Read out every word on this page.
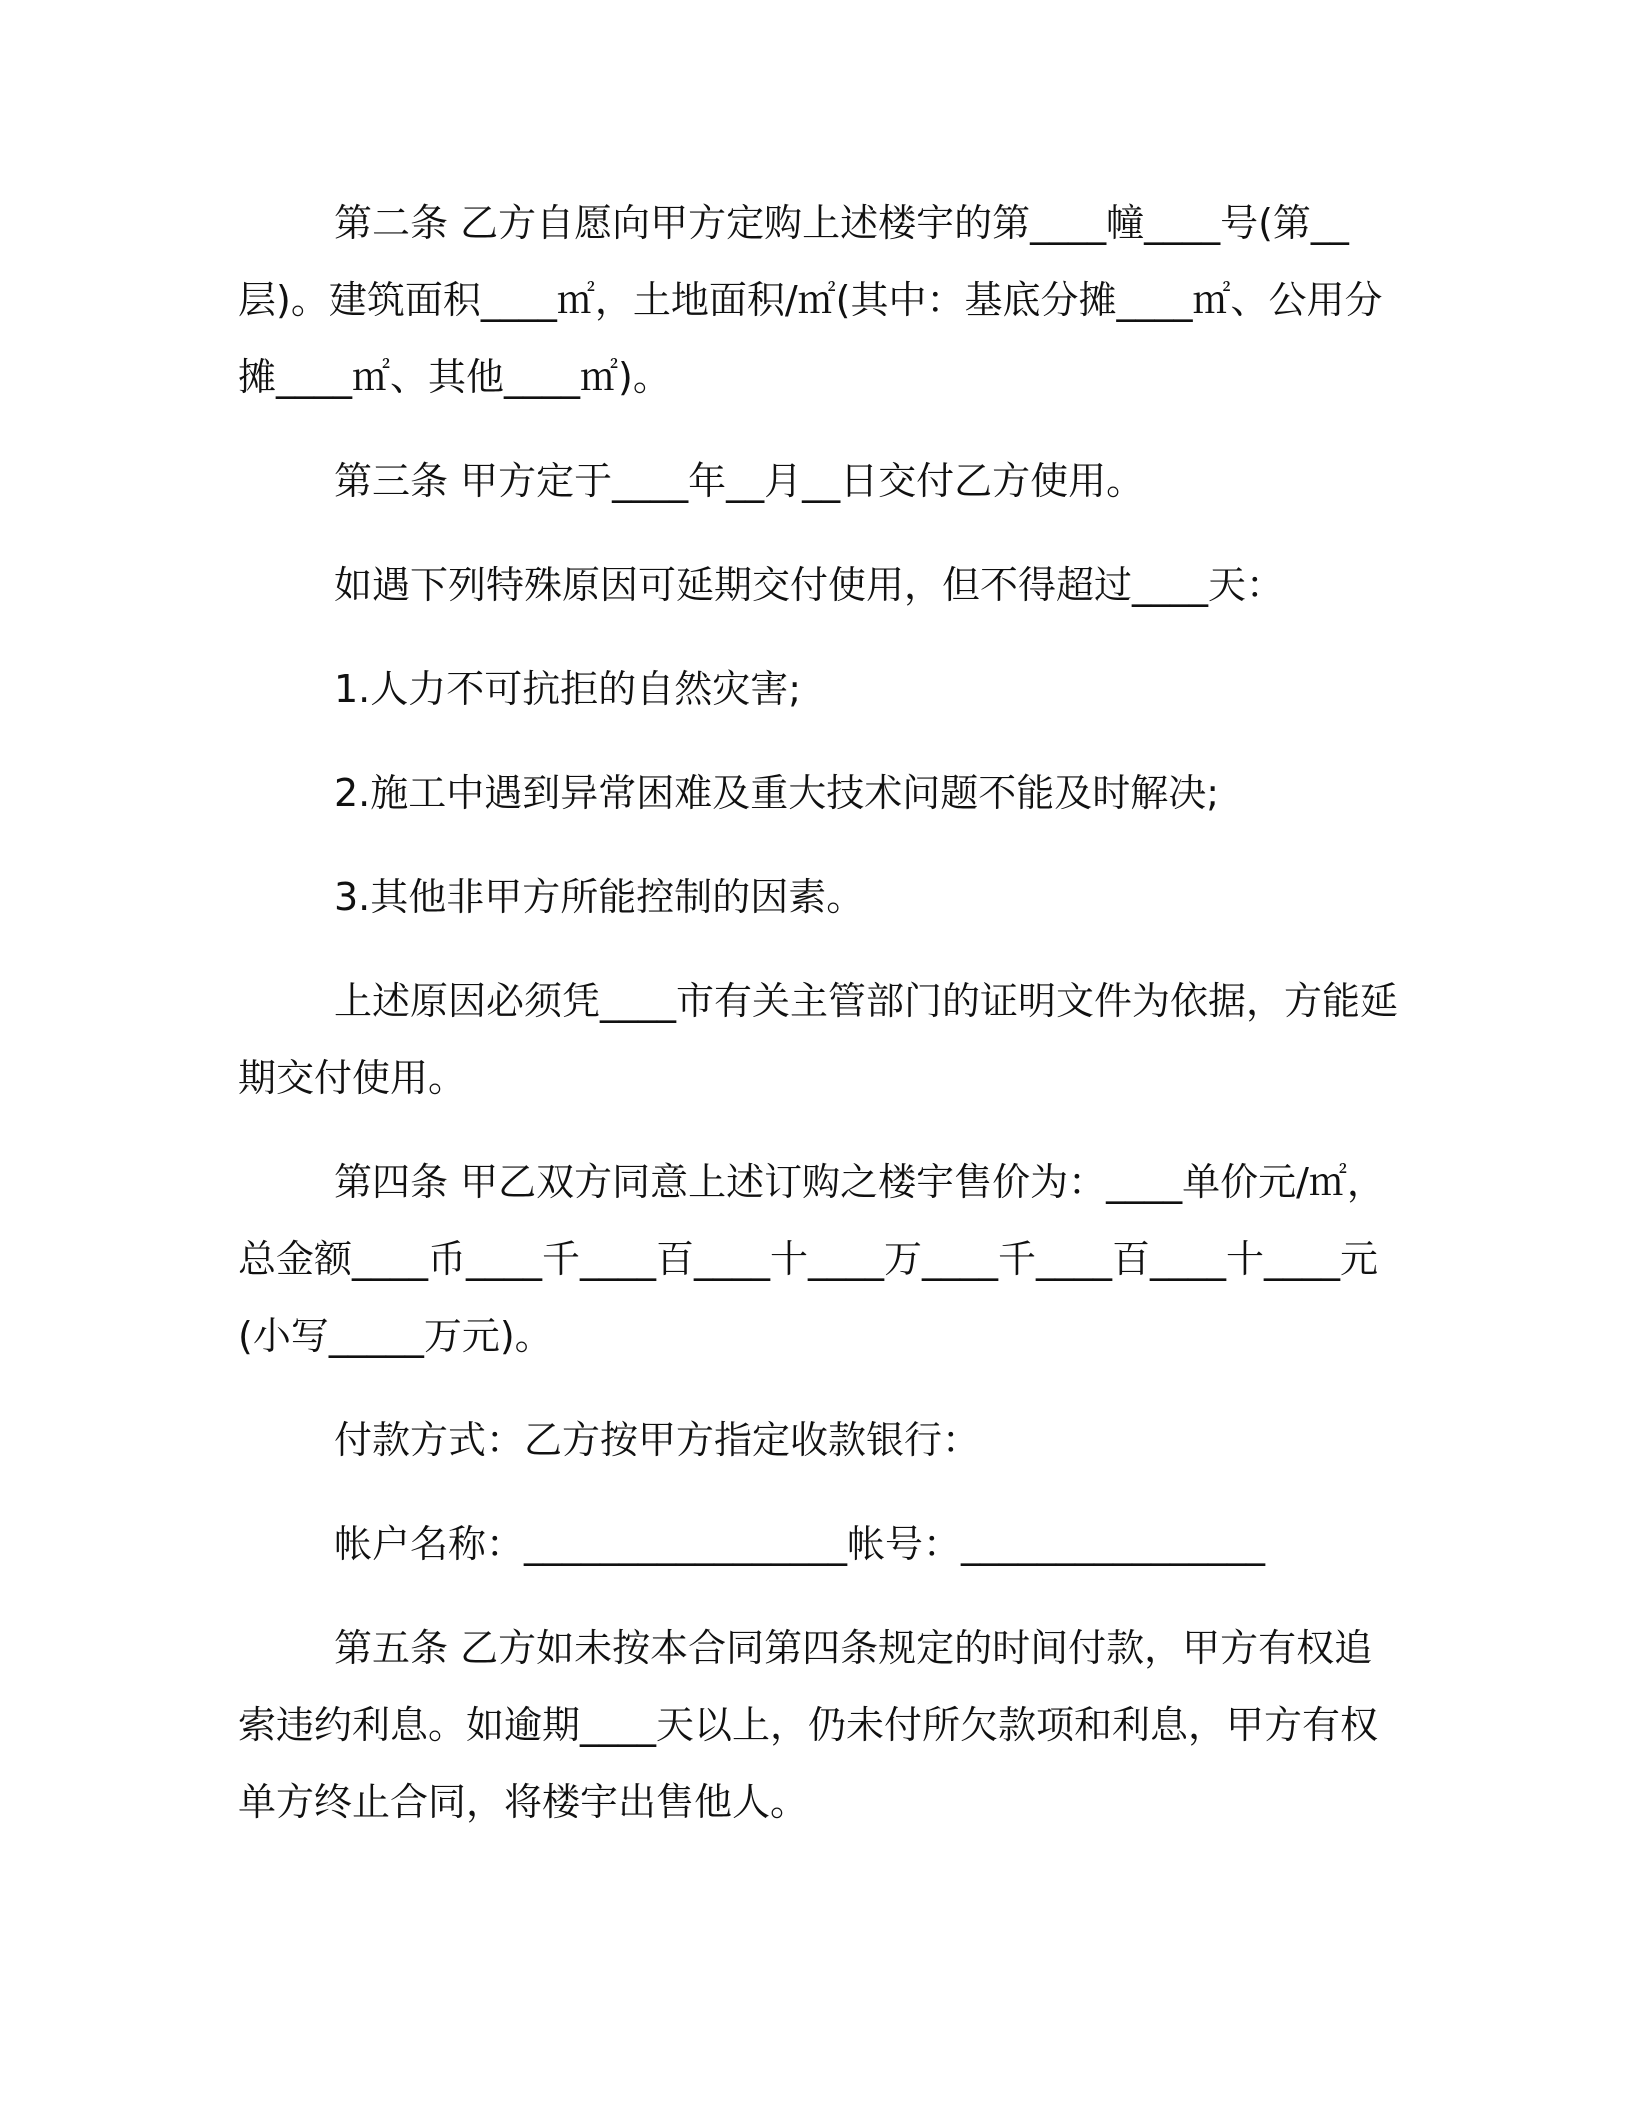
第二条 乙方自愿向甲方定购上述楼宇的第____幢____号(第__层)。建筑面积____㎡，土地面积/㎡(其中：基底分摊____㎡、公用分摊____㎡、其他____㎡)。

第三条 甲方定于____年__月__日交付乙方使用。

如遇下列特殊原因可延期交付使用，但不得超过____天：

1.人力不可抗拒的自然灾害;

2.施工中遇到异常困难及重大技术问题不能及时解决;

3.其他非甲方所能控制的因素。

上述原因必须凭____市有关主管部门的证明文件为依据，方能延期交付使用。

第四条 甲乙双方同意上述订购之楼宇售价为：____单价元/㎡，总金额____币____千____百____十____万____千____百____十____元(小写_____万元)。

付款方式：乙方按甲方指定收款银行：

帐户名称：_________________帐号：________________

第五条 乙方如未按本合同第四条规定的时间付款，甲方有权追索违约利息。如逾期____天以上，仍未付所欠款项和利息，甲方有权单方终止合同，将楼宇出售他人。
